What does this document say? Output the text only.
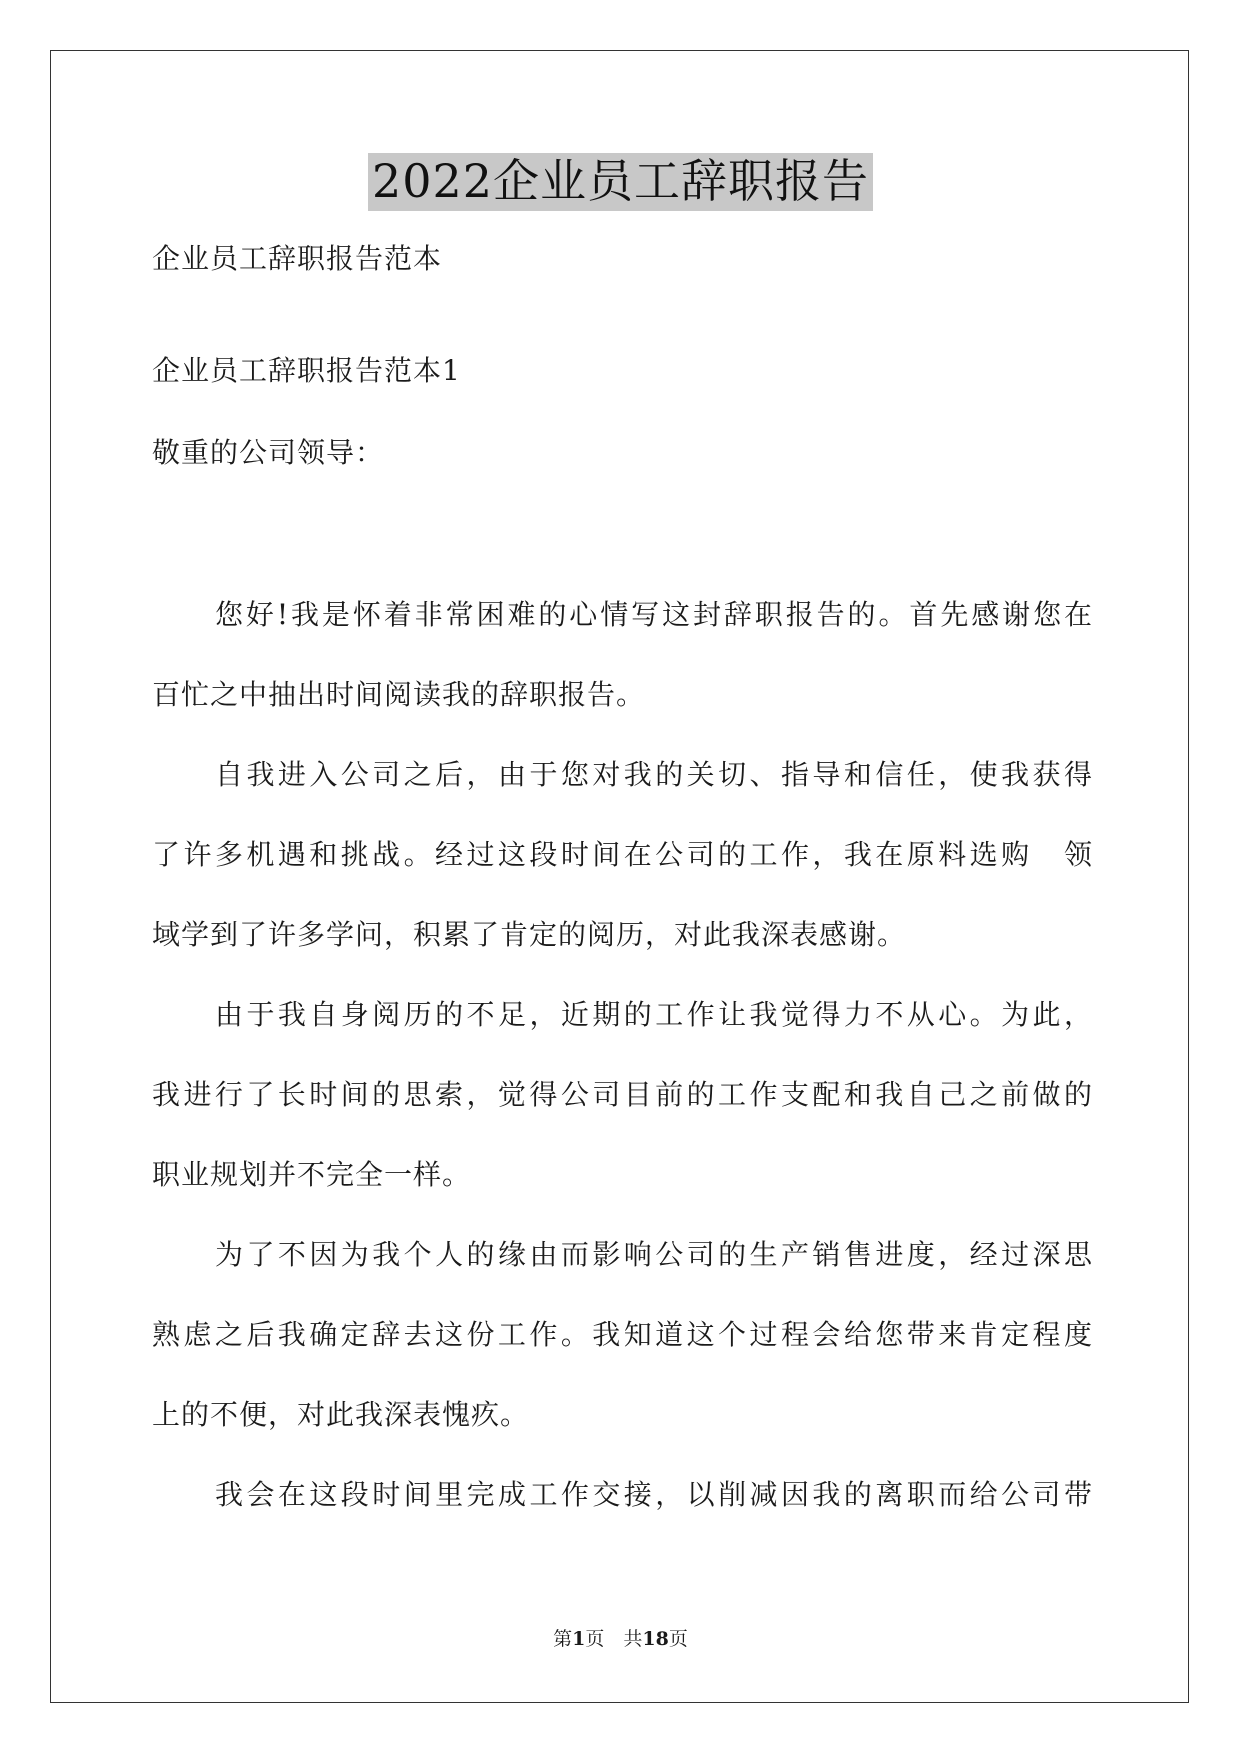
2022企业员工辞职报告
企业员工辞职报告范本
企业员工辞职报告范本1
敬重的公司领导：
您好!我是怀着非常困难的心情写这封辞职报告的。首先感谢您在
百忙之中抽出时间阅读我的辞职报告。
自我进入公司之后，由于您对我的关切、指导和信任，使我获得
了许多机遇和挑战。经过这段时间在公司的工作，我在原料选购　领
域学到了许多学问，积累了肯定的阅历，对此我深表感谢。
由于我自身阅历的不足，近期的工作让我觉得力不从心。为此，
我进行了长时间的思索，觉得公司目前的工作支配和我自己之前做的
职业规划并不完全一样。
为了不因为我个人的缘由而影响公司的生产销售进度，经过深思
熟虑之后我确定辞去这份工作。我知道这个过程会给您带来肯定程度
上的不便，对此我深表愧疚。
我会在这段时间里完成工作交接，以削减因我的离职而给公司带
第1页　 共18页
